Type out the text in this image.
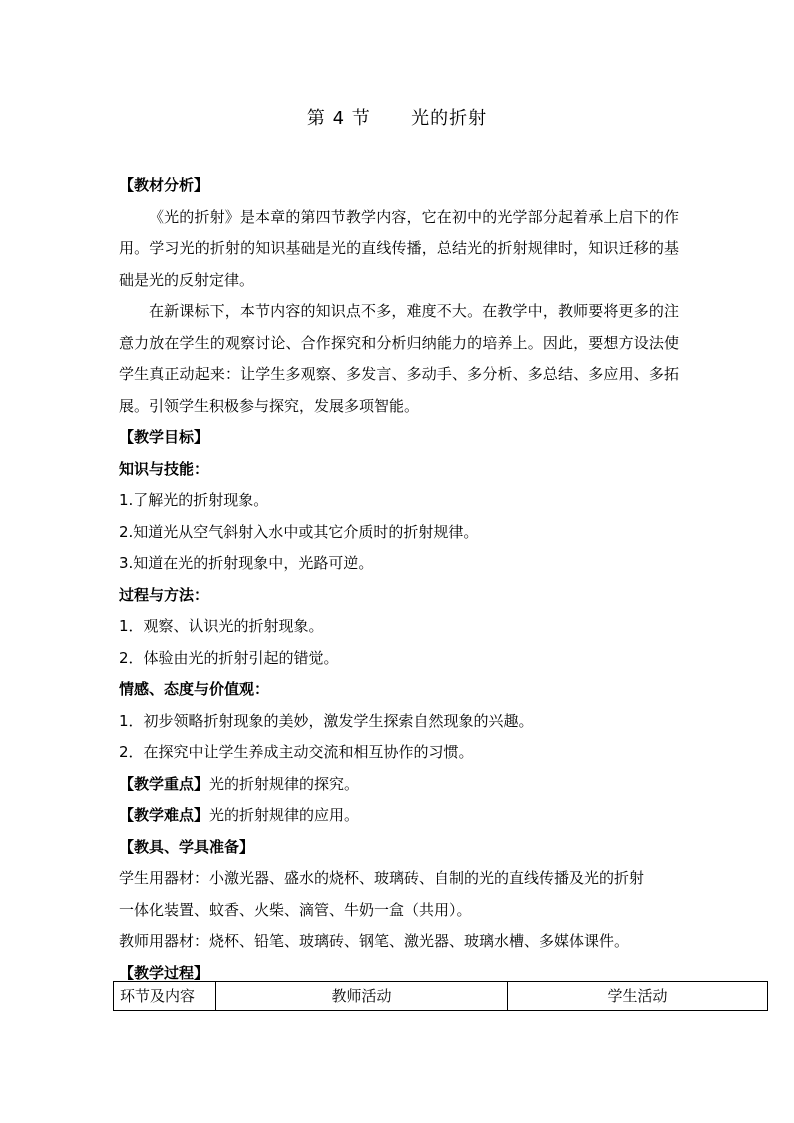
第 4 节      光的折射
【教材分析】

《光的折射》是本章的第四节教学内容，它在初中的光学部分起着承上启下的作用。学习光的折射的知识基础是光的直线传播，总结光的折射规律时，知识迁移的基础是光的反射定律。

在新课标下，本节内容的知识点不多，难度不大。在教学中，教师要将更多的注意力放在学生的观察讨论、合作探究和分析归纳能力的培养上。因此，要想方设法使学生真正动起来：让学生多观察、多发言、多动手、多分析、多总结、多应用、多拓展。引领学生积极参与探究，发展多项智能。

【教学目标】
知识与技能：
1.了解光的折射现象。
2.知道光从空气斜射入水中或其它介质时的折射规律。
3.知道在光的折射现象中，光路可逆。
过程与方法：
1．观察、认识光的折射现象。
2．体验由光的折射引起的错觉。
情感、态度与价值观：
1．初步领略折射现象的美妙，激发学生探索自然现象的兴趣。
2．在探究中让学生养成主动交流和相互协作的习惯。
【教学重点】光的折射规律的探究。
【教学难点】光的折射规律的应用。
【教具、学具准备】
学生用器材：小激光器、盛水的烧杯、玻璃砖、自制的光的直线传播及光的折射
一体化装置、蚊香、火柴、滴管、牛奶一盒（共用）。
教师用器材：烧杯、铅笔、玻璃砖、钢笔、激光器、玻璃水槽、多媒体课件。
【教学过程】
环节及内容	教师活动	学生活动
